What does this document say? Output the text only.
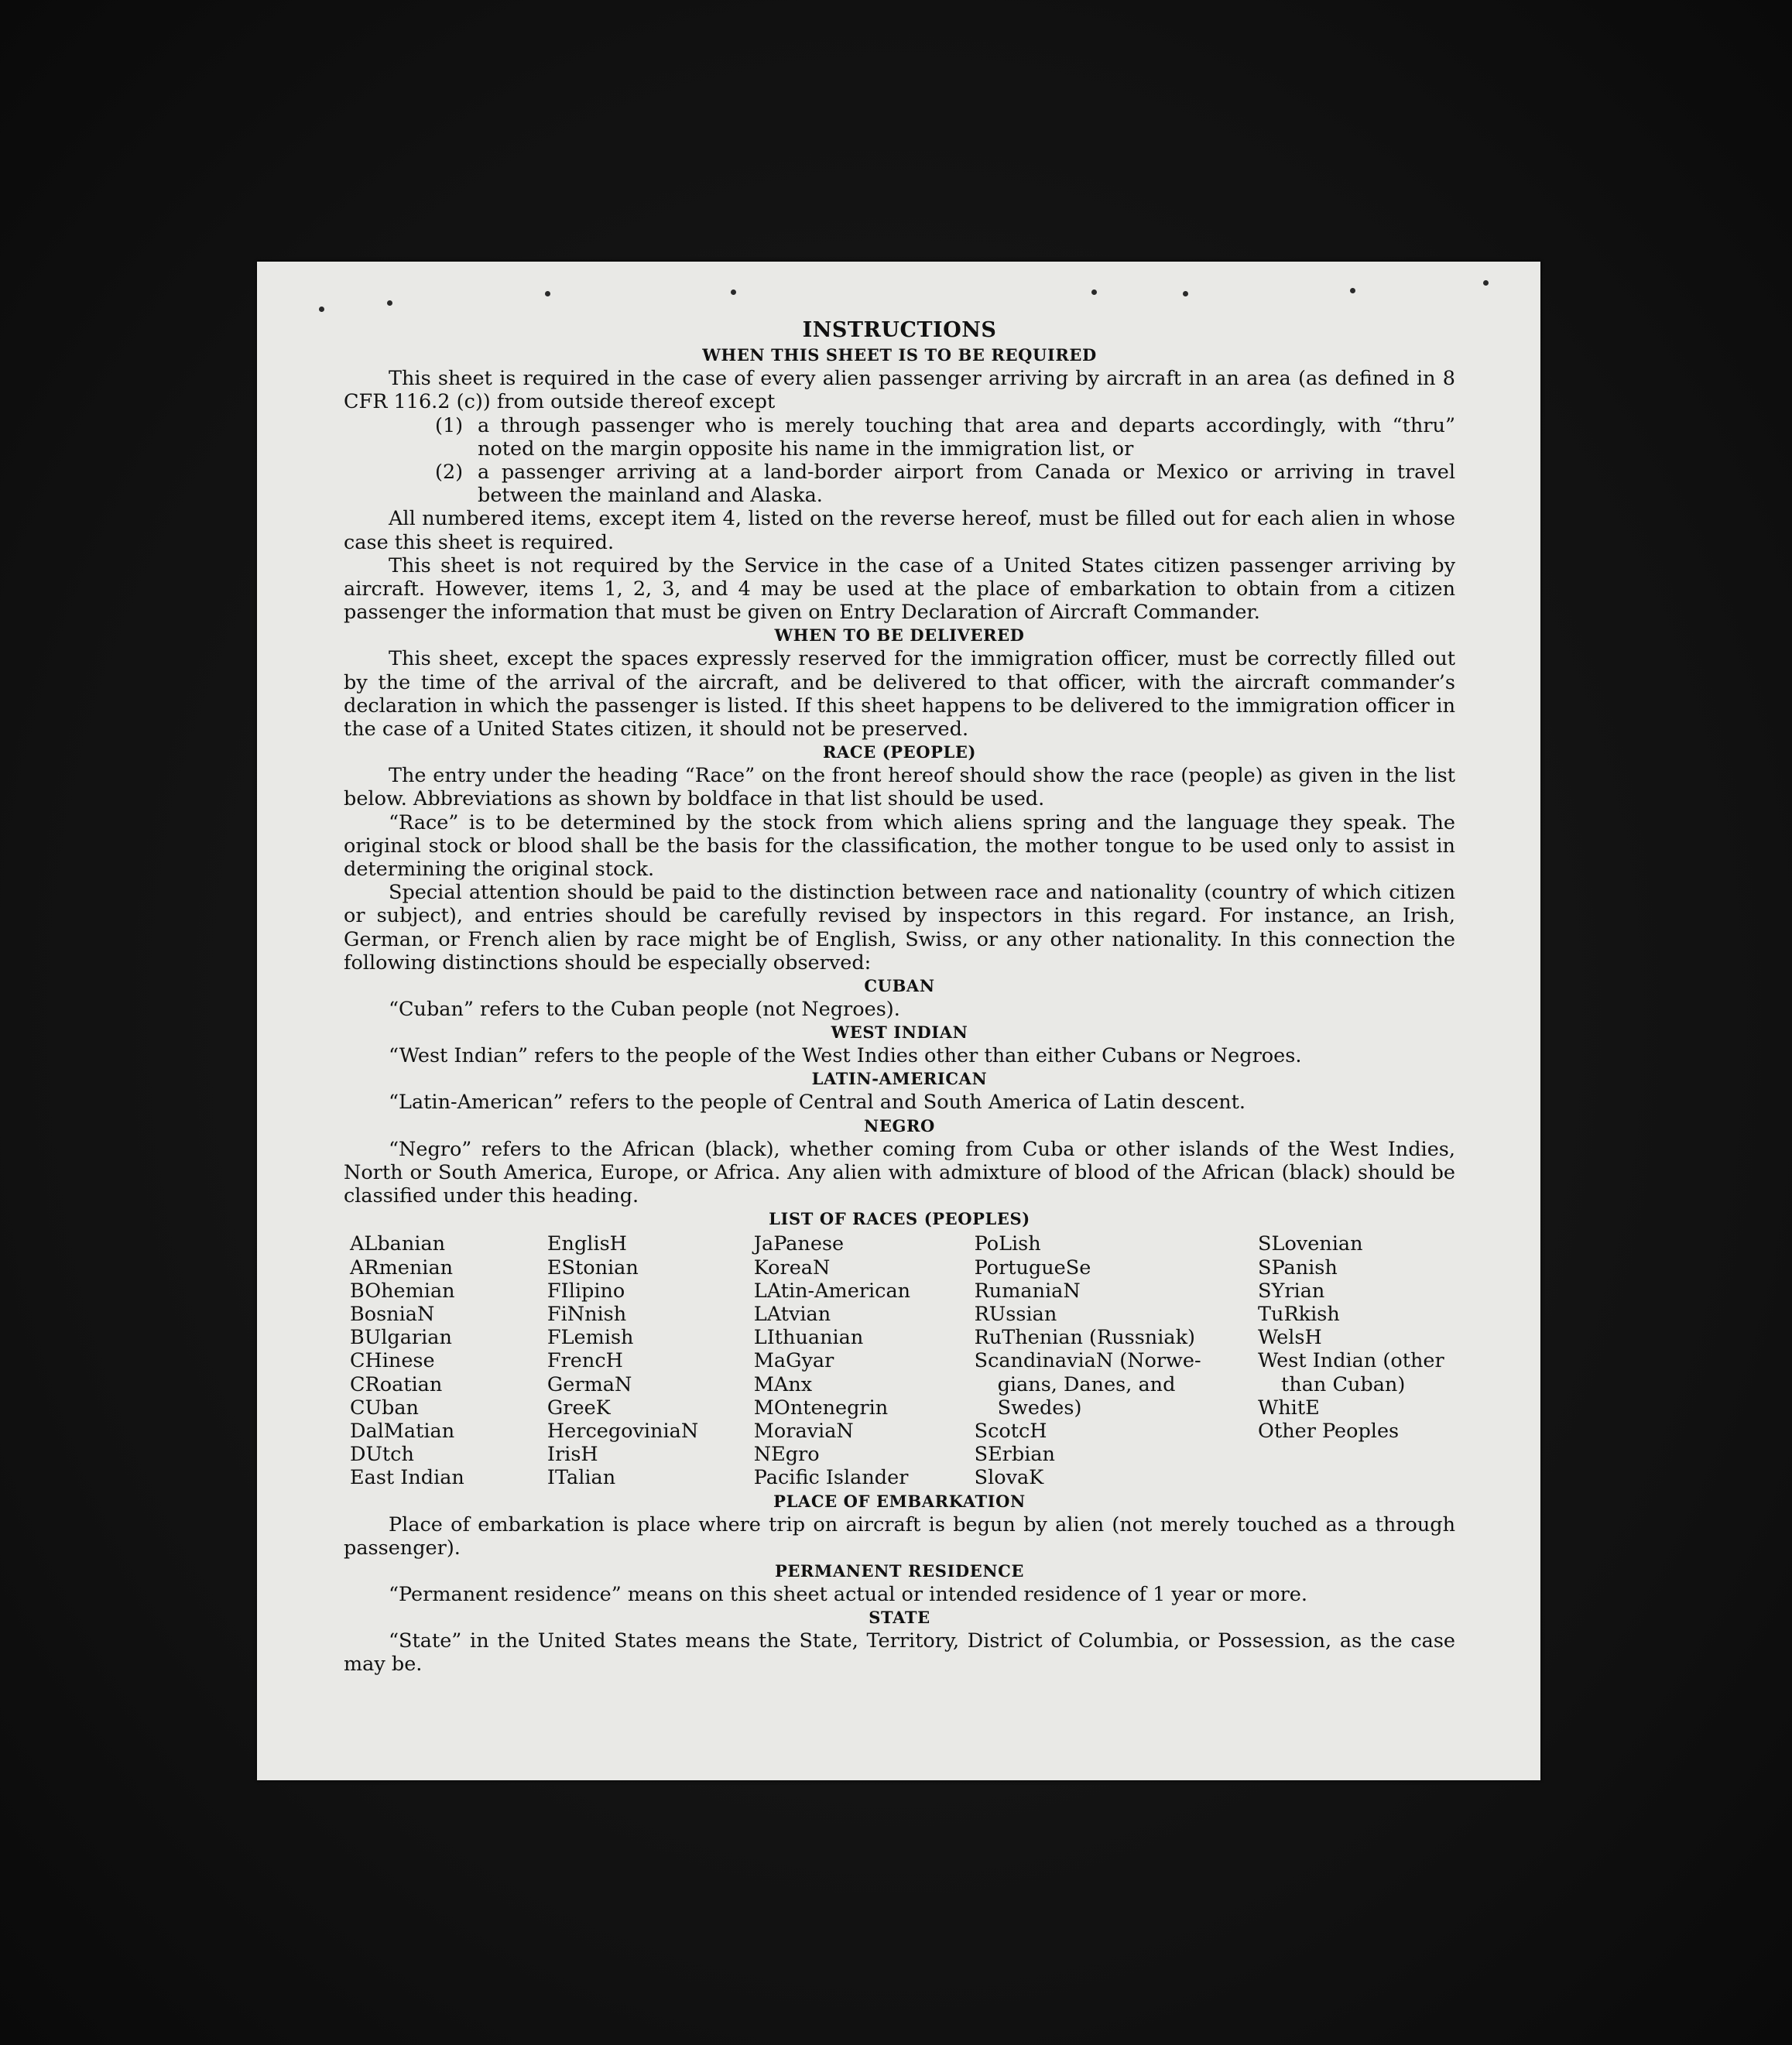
INSTRUCTIONS
WHEN THIS SHEET IS TO BE REQUIRED

This sheet is required in the case of every alien passenger arriving by aircraft in an area (as defined in 8 CFR 116.2 (c)) from outside thereof except

(1) a through passenger who is merely touching that area and departs accordingly, with “thru” noted on the margin opposite his name in the immigration list, or
(2) a passenger arriving at a land-border airport from Canada or Mexico or arriving in travel between the mainland and Alaska.

All numbered items, except item 4, listed on the reverse hereof, must be filled out for each alien in whose case this sheet is required.

This sheet is not required by the Service in the case of a United States citizen passenger arriving by aircraft. However, items 1, 2, 3, and 4 may be used at the place of embarkation to obtain from a citizen passenger the information that must be given on Entry Declaration of Aircraft Commander.

WHEN TO BE DELIVERED

This sheet, except the spaces expressly reserved for the immigration officer, must be correctly filled out by the time of the arrival of the aircraft, and be delivered to that officer, with the aircraft commander’s declaration in which the passenger is listed. If this sheet happens to be delivered to the immigration officer in the case of a United States citizen, it should not be preserved.

RACE (PEOPLE)

The entry under the heading “Race” on the front hereof should show the race (people) as given in the list below. Abbreviations as shown by boldface in that list should be used.

“Race” is to be determined by the stock from which aliens spring and the language they speak. The original stock or blood shall be the basis for the classification, the mother tongue to be used only to assist in determining the original stock.

Special attention should be paid to the distinction between race and nationality (country of which citizen or subject), and entries should be carefully revised by inspectors in this regard. For instance, an Irish, German, or French alien by race might be of English, Swiss, or any other nationality. In this connection the following distinctions should be especially observed:

CUBAN

“Cuban” refers to the Cuban people (not Negroes).

WEST INDIAN

“West Indian” refers to the people of the West Indies other than either Cubans or Negroes.

LATIN-AMERICAN

“Latin-American” refers to the people of Central and South America of Latin descent.

NEGRO

“Negro” refers to the African (black), whether coming from Cuba or other islands of the West Indies, North or South America, Europe, or Africa. Any alien with admixture of blood of the African (black) should be classified under this heading.

LIST OF RACES (PEOPLES)
ALbanian
ARmenian
BOhemian
BosniaN
BUlgarian
CHinese
CRoatian
CUban
DalMatian
DUtch
East Indian
EnglisH
EStonian
FIlipino
FiNnish
FLemish
FrencH
GermaN
GreeK
HercegoviniaN
IrisH
ITalian
JaPanese
KoreaN
LAtin-American
LAtvian
LIthuanian
MaGyar
MAnx
MOntenegrin
MoraviaN
NEgro
Pacific Islander
PoLish
PortugueSe
RumaniaN
RUssian
RuThenian (Russniak)
ScandinaviaN (Norwe-
gians, Danes, and
Swedes)
ScotcH
SErbian
SlovaK
SLovenian
SPanish
SYrian
TuRkish
WelsH
West Indian (other
than Cuban)
WhitE
Other Peoples
PLACE OF EMBARKATION

Place of embarkation is place where trip on aircraft is begun by alien (not merely touched as a through passenger).

PERMANENT RESIDENCE

“Permanent residence” means on this sheet actual or intended residence of 1 year or more.

STATE

“State” in the United States means the State, Territory, District of Columbia, or Possession, as the case may be.
